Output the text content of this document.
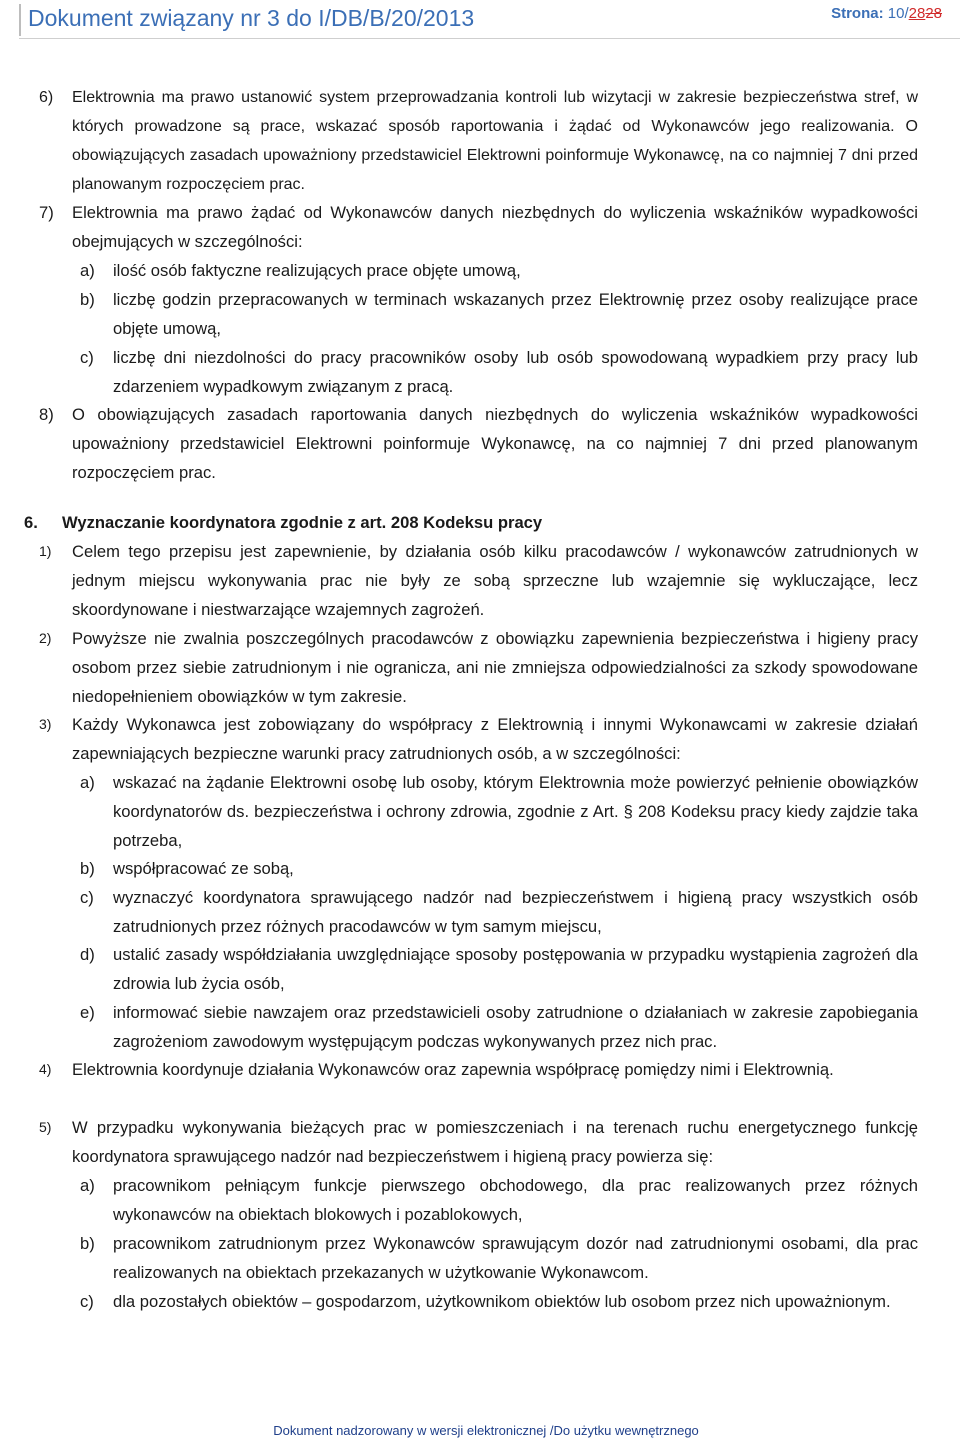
Dokument związany nr 3 do I/DB/B/20/2013	Strona: 10/2828
6) Elektrownia ma prawo ustanowić system przeprowadzania kontroli lub wizytacji w zakresie bezpieczeństwa stref, w których prowadzone są prace, wskazać sposób raportowania i żądać od Wykonawców jego realizowania. O obowiązujących zasadach upoważniony przedstawiciel Elektrowni poinformuje Wykonawcę, na co najmniej 7 dni przed planowanym rozpoczęciem prac.
7) Elektrownia ma prawo żądać od Wykonawców danych niezbędnych do wyliczenia wskaźników wypadkowości obejmujących w szczególności:
a) ilość osób faktyczne realizujących prace objęte umową,
b) liczbę godzin przepracowanych w terminach wskazanych przez Elektrownię przez osoby realizujące prace objęte umową,
c) liczbę dni niezdolności do pracy pracowników osoby lub osób spowodowaną wypadkiem przy pracy lub zdarzeniem wypadkowym związanym z pracą.
8) O obowiązujących zasadach raportowania danych niezbędnych do wyliczenia wskaźników wypadkowości upoważniony przedstawiciel Elektrowni poinformuje Wykonawcę, na co najmniej 7 dni przed planowanym rozpoczęciem prac.
6. Wyznaczanie koordynatora zgodnie z art. 208 Kodeksu pracy
1) Celem tego przepisu jest zapewnienie, by działania osób kilku pracodawców / wykonawców zatrudnionych w jednym miejscu wykonywania prac nie były ze sobą sprzeczne lub wzajemnie się wykluczające, lecz skoordynowane i niestwarzające wzajemnych zagrożeń.
2) Powyższe nie zwalnia poszczególnych pracodawców z obowiązku zapewnienia bezpieczeństwa i higieny pracy osobom przez siebie zatrudnionym i nie ogranicza, ani nie zmniejsza odpowiedzialności za szkody spowodowane niedopełnieniem obowiązków w tym zakresie.
3) Każdy Wykonawca jest zobowiązany do współpracy z Elektrownią i innymi Wykonawcami w zakresie działań zapewniających bezpieczne warunki pracy zatrudnionych osób, a w szczególności:
a) wskazać na żądanie Elektrowni osobę lub osoby, którym Elektrownia może powierzyć pełnienie obowiązków koordynatorów ds. bezpieczeństwa i ochrony zdrowia, zgodnie z Art. § 208 Kodeksu pracy kiedy zajdzie taka potrzeba,
b) współpracować ze sobą,
c) wyznaczyć koordynatora sprawującego nadzór nad bezpieczeństwem i higieną pracy wszystkich osób zatrudnionych przez różnych pracodawców w tym samym miejscu,
d) ustalić zasady współdziałania uwzględniające sposoby postępowania w przypadku wystąpienia zagrożeń dla zdrowia lub życia osób,
e) informować siebie nawzajem oraz przedstawicieli osoby zatrudnione o działaniach w zakresie zapobiegania zagrożeniom zawodowym występującym podczas wykonywanych przez nich prac.
4) Elektrownia koordynuje działania Wykonawców oraz zapewnia współpracę pomiędzy nimi i Elektrownią.
5) W przypadku wykonywania bieżących prac w pomieszczeniach i na terenach ruchu energetycznego funkcję koordynatora sprawującego nadzór nad bezpieczeństwem i higieną pracy powierza się:
a) pracownikom pełniącym funkcje pierwszego obchodowego, dla prac realizowanych przez różnych wykonawców na obiektach blokowych i pozablokowych,
b) pracownikom zatrudnionym przez Wykonawców sprawującym dozór nad zatrudnionymi osobami, dla prac realizowanych na obiektach przekazanych w użytkowanie Wykonawcom.
c) dla pozostałych obiektów – gospodarzom, użytkownikom obiektów lub osobom przez nich upoważnionym.
Dokument nadzorowany w wersji elektronicznej /Do użytku wewnętrznego
